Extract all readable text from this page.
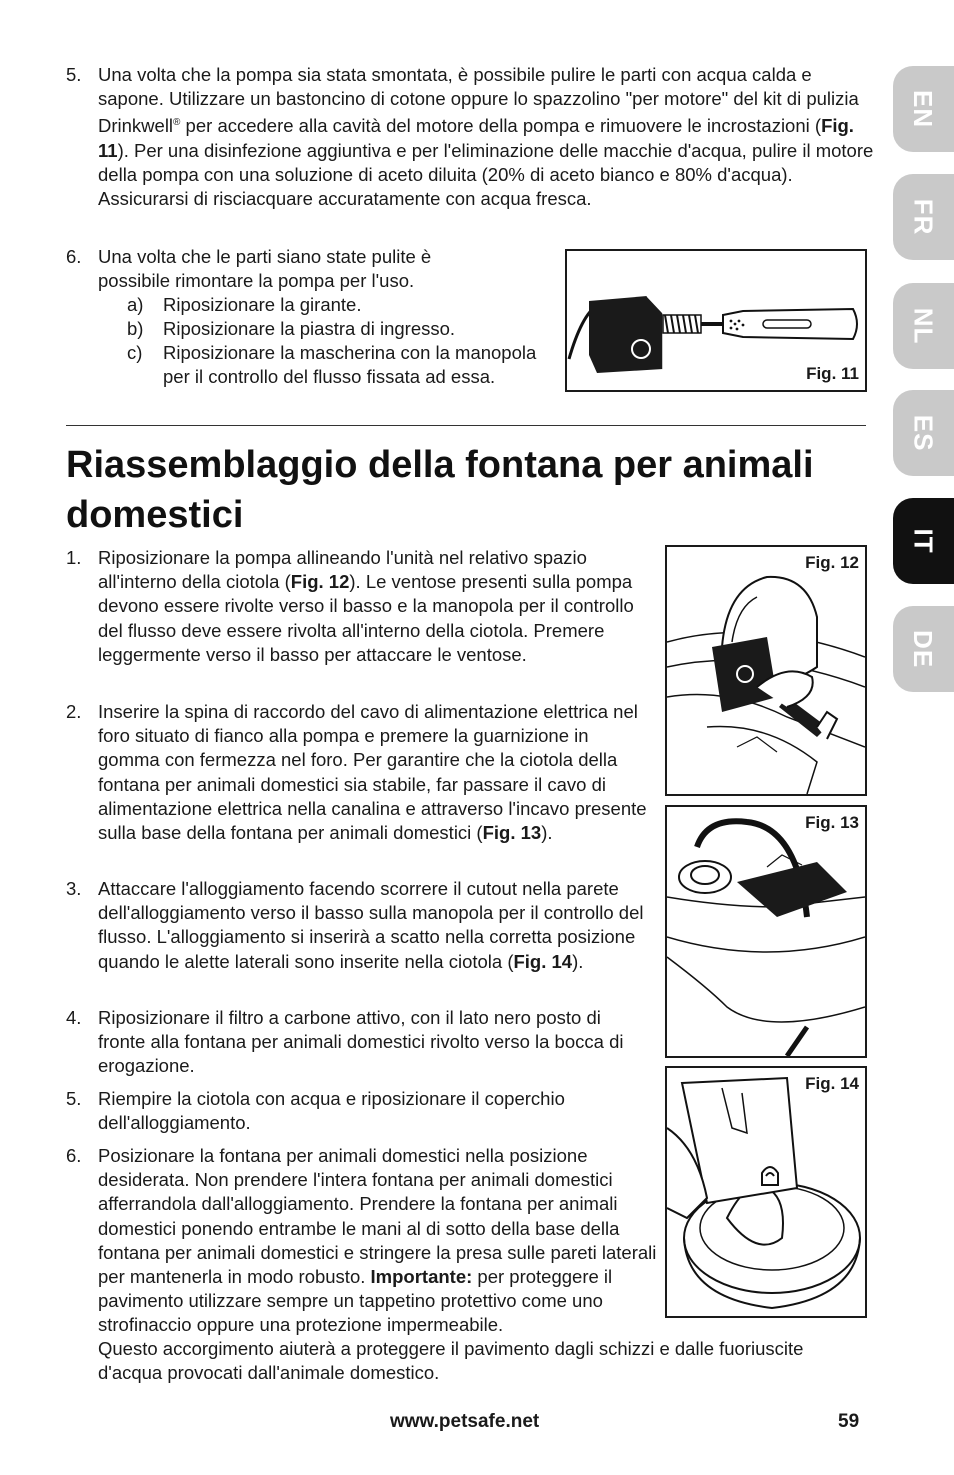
EN
FR
NL
ES
IT
DE
5. Una volta che la pompa sia stata smontata, è possibile pulire le parti con acqua calda e sapone. Utilizzare un bastoncino di cotone oppure lo spazzolino "per motore" del kit di pulizia Drinkwell® per accedere alla cavità del motore della pompa e rimuovere le incrostazioni (Fig. 11). Per una disinfezione aggiuntiva e per l'eliminazione delle macchie d'acqua, pulire il motore della pompa con una soluzione di aceto diluita (20% di aceto bianco e 80% d'acqua). Assicurarsi di risciacquare accuratamente con acqua fresca.
6. Una volta che le parti siano state pulite è possibile rimontare la pompa per l'uso.
a)	Riposizionare la girante.
b)	Riposizionare la piastra di ingresso.
c)	Riposizionare la mascherina con la manopola per il controllo del flusso fissata ad essa.	Fig. 11
Riassemblaggio della fontana per animali domestici
1. Riposizionare la pompa allineando l'unità nel relativo spazio all'interno della ciotola (Fig. 12). Le ventose presenti sulla pompa devono essere rivolte verso il basso e la manopola per il controllo del flusso deve essere rivolta all'interno della ciotola. Premere leggermente verso il basso per attaccare le ventose.
2. Inserire la spina di raccordo del cavo di alimentazione elettrica nel foro situato di fianco alla pompa e premere la guarnizione in gomma con fermezza nel foro. Per garantire che la ciotola della fontana per animali domestici sia stabile, far passare il cavo di alimentazione elettrica nella canalina e attraverso l'incavo presente sulla base della fontana per animali domestici (Fig. 13).
3. Attaccare l'alloggiamento facendo scorrere il cutout nella parete dell'alloggiamento verso il basso sulla manopola per il controllo del flusso. L'alloggiamento si inserirà a scatto nella corretta posizione quando le alette laterali sono inserite nella ciotola (Fig. 14).
4. Riposizionare il filtro a carbone attivo, con il lato nero posto di fronte alla fontana per animali domestici rivolto verso la bocca di erogazione.
5. Riempire la ciotola con acqua e riposizionare il coperchio dell'alloggiamento.
6. Posizionare la fontana per animali domestici nella posizione desiderata. Non prendere l'intera fontana per animali domestici afferrandola dall'alloggiamento. Prendere la fontana per animali domestici ponendo entrambe le mani al di sotto della base della fontana per animali domestici e stringere la presa sulle pareti laterali per mantenerla in modo robusto. Importante: per proteggere il pavimento utilizzare sempre un tappetino protettivo come uno strofinaccio oppure una protezione impermeabile.
Questo accorgimento aiuterà a proteggere il pavimento dagli schizzi e dalle fuoriuscite d'acqua provocati dall'animale domestico.
Fig. 12
Fig. 13
Fig. 14
www.petsafe.net	59
